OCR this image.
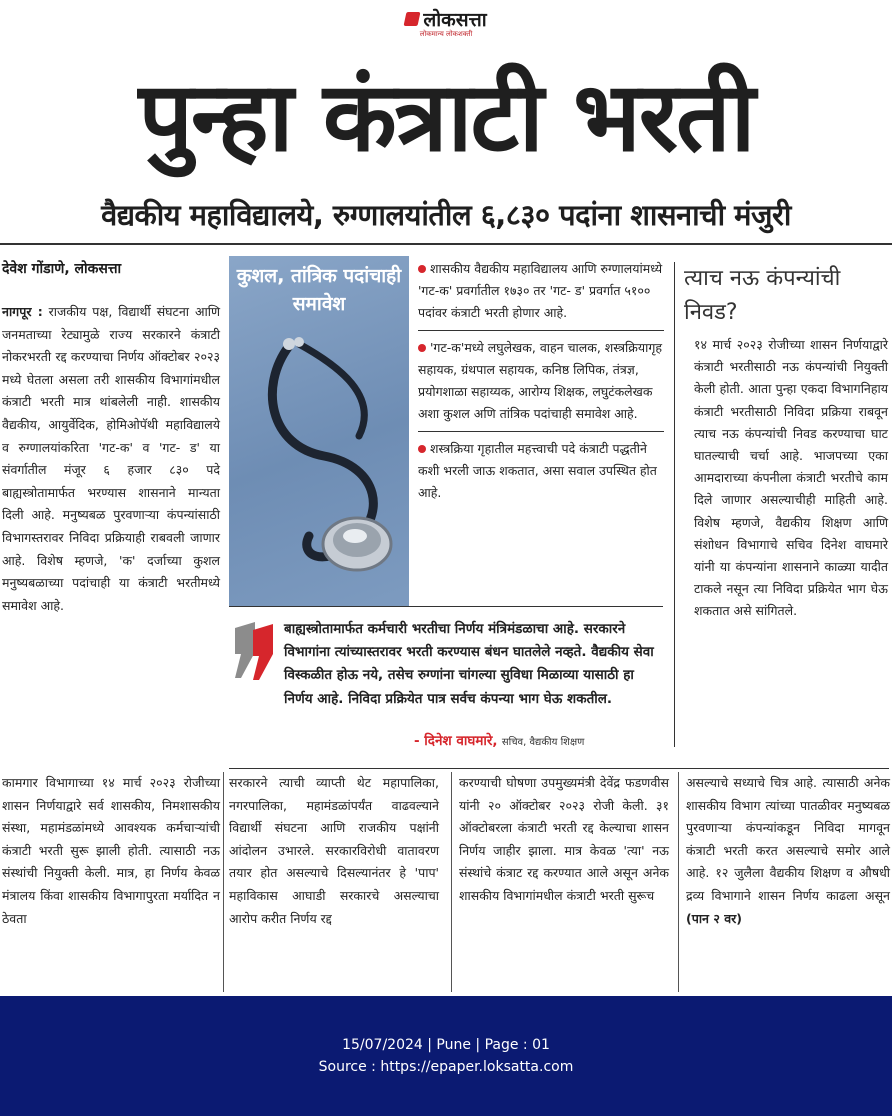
लोकसत्ता
लोकमान्य लोकशक्ती
पुन्हा कंत्राटी भरती
वैद्यकीय महाविद्यालये, रुग्णालयांतील ६,८३० पदांना शासनाची मंजुरी
देवेश गोंडाणे, लोकसत्ता
नागपूर : राजकीय पक्ष, विद्यार्थी संघटना आणि जनमताच्या रेट्यामुळे राज्य सरकारने कंत्राटी नोकरभरती रद्द करण्याचा निर्णय ऑक्टोबर २०२३ मध्ये घेतला असला तरी शासकीय विभागांमधील कंत्राटी भरती मात्र थांबलेली नाही. शासकीय वैद्यकीय, आयुर्वेदिक, होमिओपॅथी महाविद्यालये व रुग्णालयांकरिता 'गट-क' व 'गट- ड' या संवर्गातील मंजूर ६ हजार ८३० पदे बाह्यस्त्रोतामार्फत भरण्यास शासनाने मान्यता दिली आहे. मनुष्यबळ पुरवणाऱ्या कंपन्यांसाठी विभागस्तरावर निविदा प्रक्रियाही राबवली जाणार आहे. विशेष म्हणजे, 'क' दर्जाच्या कुशल मनुष्यबळाच्या पदांचाही या कंत्राटी भरतीमध्ये समावेश आहे.
कुशल, तांत्रिक पदांचाही समावेश
शासकीय वैद्यकीय महाविद्यालय आणि रुग्णालयांमध्ये 'गट-क' प्रवर्गातील १७३० तर 'गट- ड' प्रवर्गात ५१०० पदांवर कंत्राटी भरती होणार आहे.
'गट-क'मध्ये लघुलेखक, वाहन चालक, शस्त्रक्रियागृह सहायक, ग्रंथपाल सहायक, कनिष्ठ लिपिक, तंत्रज्ञ, प्रयोगशाळा सहाय्यक, आरोग्य शिक्षक, लघुटंकलेखक अशा कुशल अणि तांत्रिक पदांचाही समावेश आहे.
शस्त्रक्रिया गृहातील महत्त्वाची पदे कंत्राटी पद्धतीने कशी भरली जाऊ शकतात, असा सवाल उपस्थित होत आहे.
त्याच नऊ कंपन्यांची निवड?
१४ मार्च २०२३ रोजीच्या शासन निर्णयाद्वारे कंत्राटी भरतीसाठी नऊ कंपन्यांची नियुक्ती केली होती. आता पुन्हा एकदा विभागनिहाय कंत्राटी भरतीसाठी निविदा प्रक्रिया राबवून त्याच नऊ कंपन्यांची निवड करण्याचा घाट घातल्याची चर्चा आहे. भाजपच्या एका आमदाराच्या कंपनीला कंत्राटी भरतीचे काम दिले जाणार असल्याचीही माहिती आहे. विशेष म्हणजे, वैद्यकीय शिक्षण आणि संशोधन विभागाचे सचिव दिनेश वाघमारे यांनी या कंपन्यांना शासनाने काळ्या यादीत टाकले नसून त्या निविदा प्रक्रियेत भाग घेऊ शकतात असे सांगितले.
बाह्यस्त्रोतामार्फत कर्मचारी भरतीचा निर्णय मंत्रिमंडळाचा आहे. सरकारने विभागांना त्यांच्यास्तरावर भरती करण्यास बंधन घातलेले नव्हते. वैद्यकीय सेवा विस्कळीत होऊ नये, तसेच रुग्णांना चांगल्या सुविधा मिळाव्या यासाठी हा निर्णय आहे. निविदा प्रक्रियेत पात्र सर्वच कंपन्या भाग घेऊ शकतील.
- दिनेश वाघमारे, सचिव, वैद्यकीय शिक्षण
कामगार विभागाच्या १४ मार्च २०२३ रोजीच्या शासन निर्णयाद्वारे सर्व शासकीय, निमशासकीय संस्था, महामंडळांमध्ये आवश्यक कर्मचाऱ्यांची कंत्राटी भरती सुरू झाली होती. त्यासाठी नऊ संस्थांची नियुक्ती केली. मात्र, हा निर्णय केवळ मंत्रालय किंवा शासकीय विभागापुरता मर्यादित न ठेवता
सरकारने त्याची व्याप्ती थेट महापालिका, नगरपालिका, महामंडळांपर्यंत वाढवल्याने विद्यार्थी संघटना आणि राजकीय पक्षांनी आंदोलन उभारले. सरकारविरोधी वातावरण तयार होत असल्याचे दिसल्यानंतर हे 'पाप' महाविकास आघाडी सरकारचे असल्याचा आरोप करीत निर्णय रद्द
करण्याची घोषणा उपमुख्यमंत्री देवेंद्र फडणवीस यांनी २० ऑक्टोबर २०२३ रोजी केली. ३१ ऑक्टोबरला कंत्राटी भरती रद्द केल्याचा शासन निर्णय जाहीर झाला. मात्र केवळ 'त्या' नऊ संस्थांचे कंत्राट रद्द करण्यात आले असून अनेक शासकीय विभागांमधील कंत्राटी भरती सुरूच
असल्याचे सध्याचे चित्र आहे. त्यासाठी अनेक शासकीय विभाग त्यांच्या पातळीवर मनुष्यबळ पुरवणाऱ्या कंपन्यांकडून निविदा मागवून कंत्राटी भरती करत असल्याचे समोर आले आहे. १२ जुलैला वैद्यकीय शिक्षण व औषधी द्रव्य विभागाने शासन निर्णय काढला असून (पान २ वर)
15/07/2024 | Pune | Page : 01
Source : https://epaper.loksatta.com
